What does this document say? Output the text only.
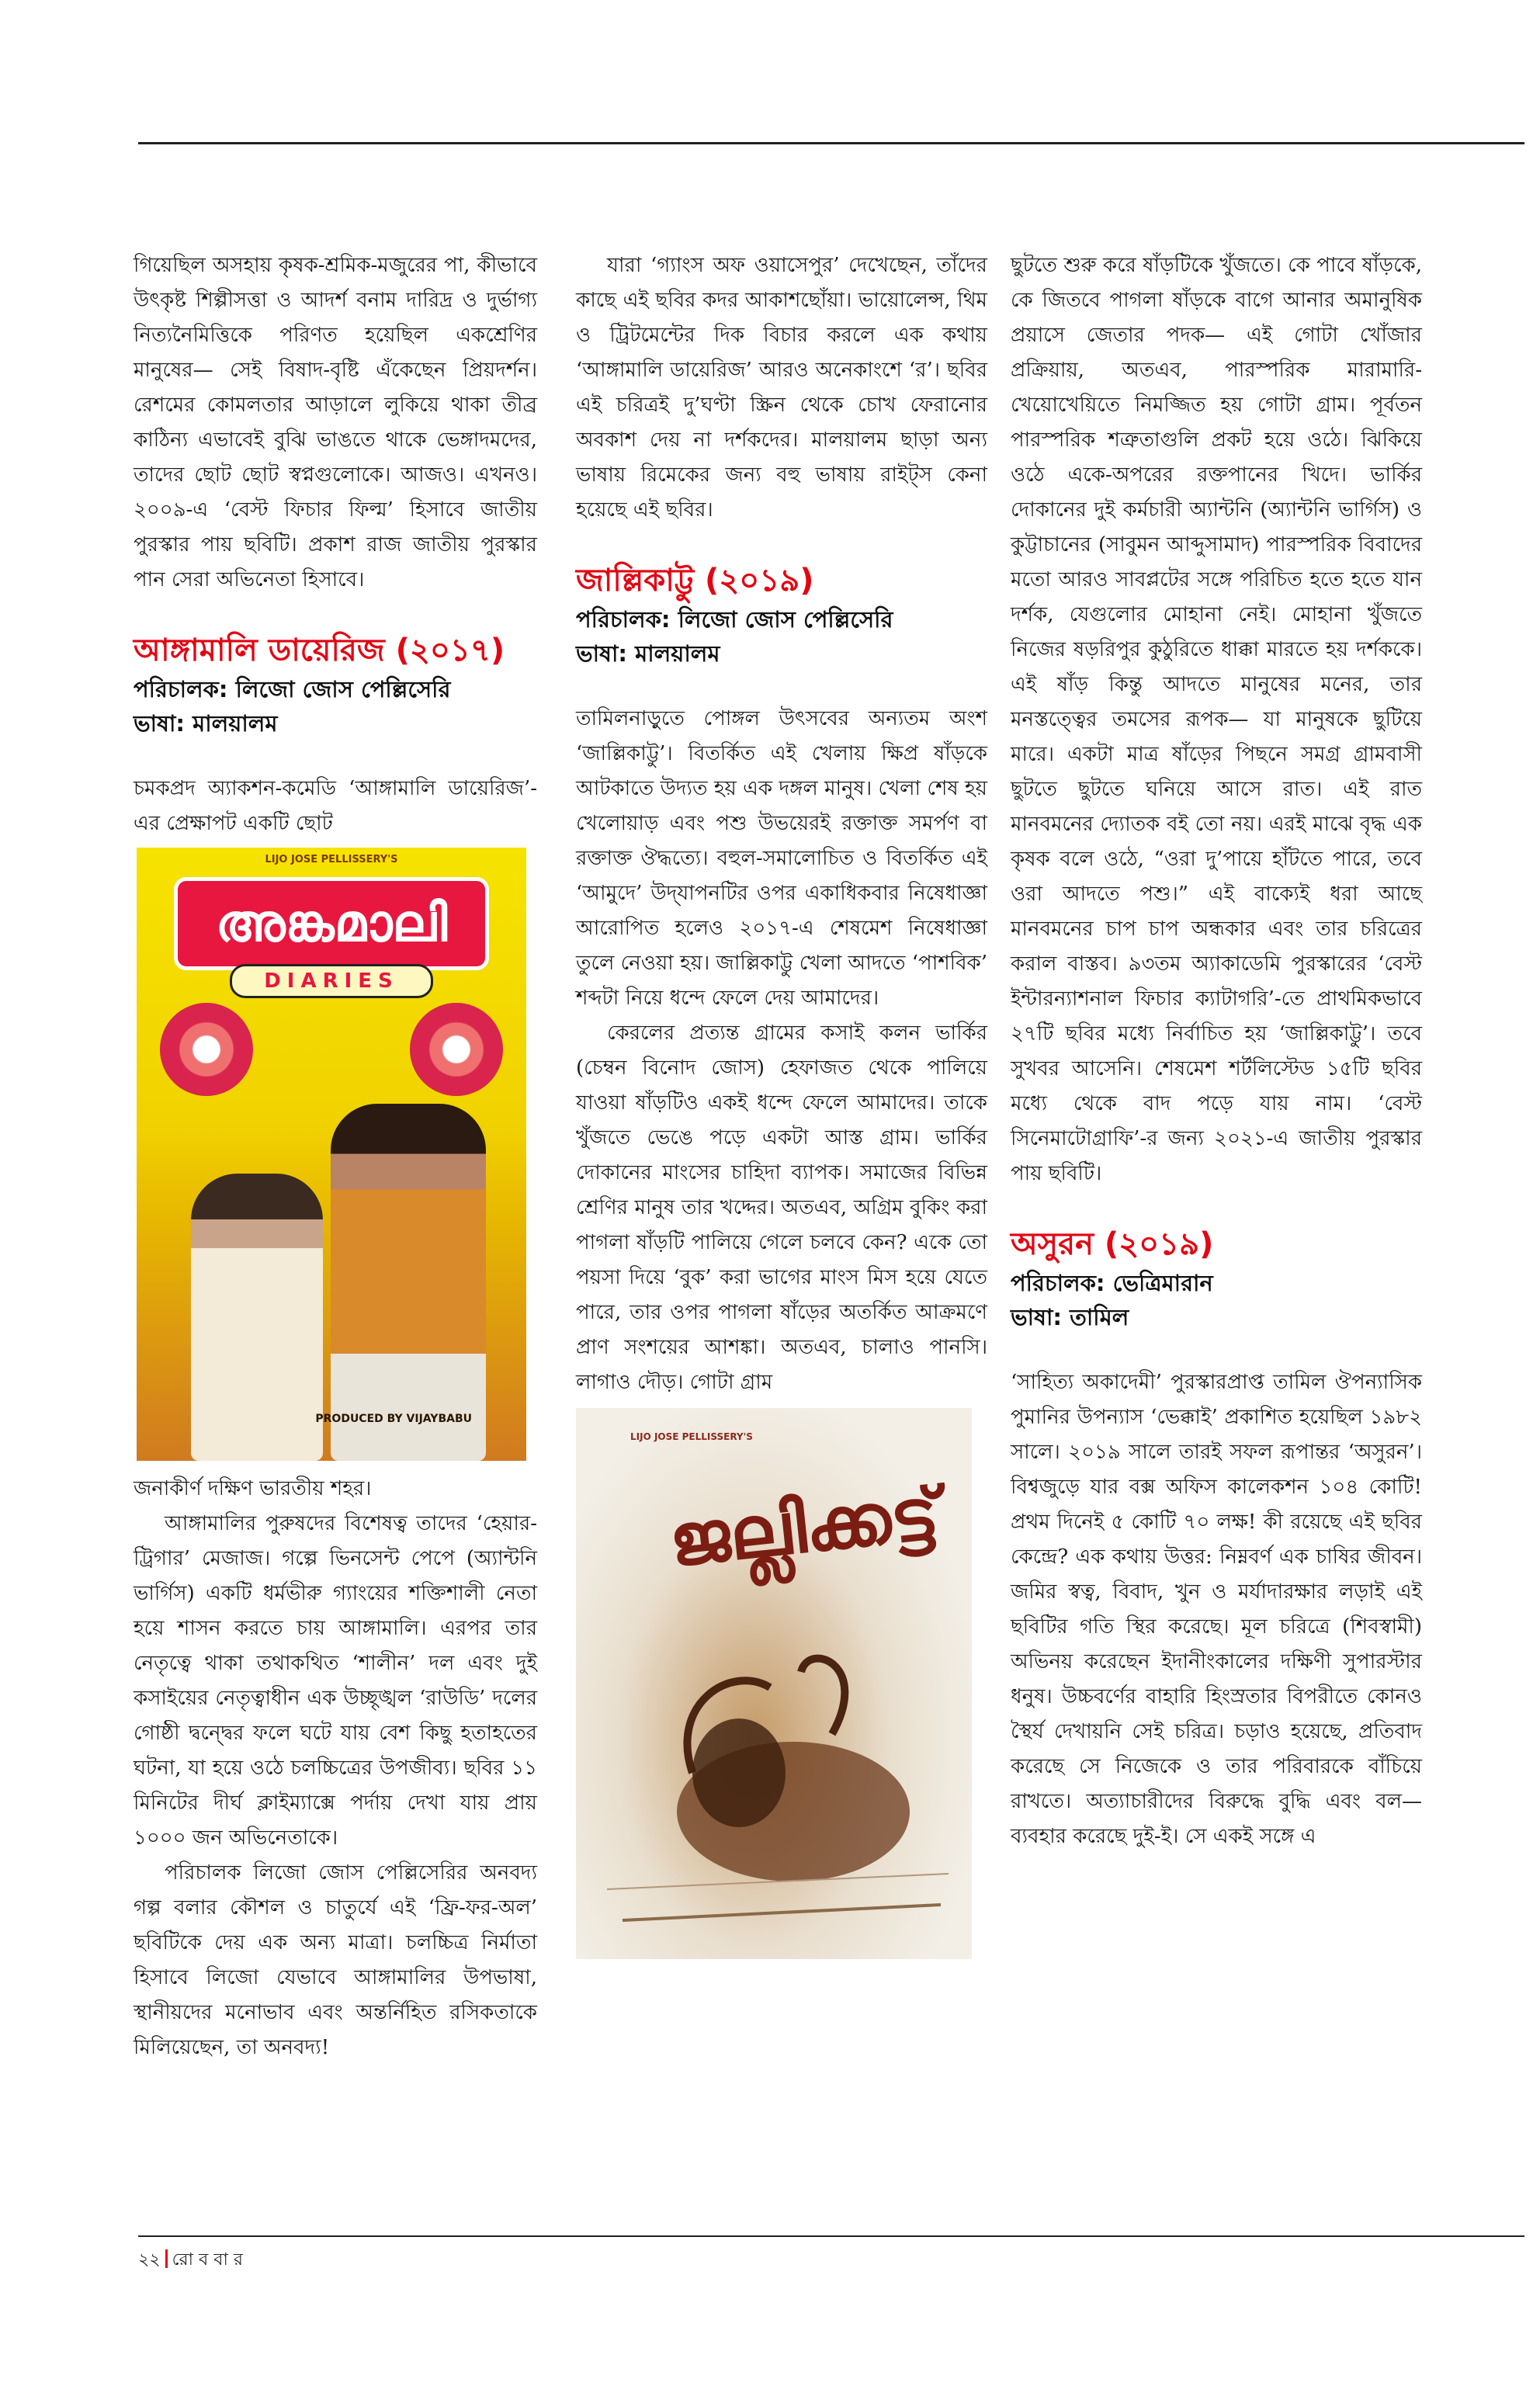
গিয়েছিল অসহায় কৃষক-শ্রমিক-মজুরের পা, কীভাবে উৎকৃষ্ট শিল্পীসত্তা ও আদর্শ বনাম দারিদ্র ও দুর্ভাগ্য নিত্যনৈমিত্তিকে পরিণত হয়েছিল একশ্রেণির মানুষের— সেই বিষাদ-বৃষ্টি এঁকেছেন প্রিয়দর্শন। রেশমের কোমলতার আড়ালে লুকিয়ে থাকা তীব্র কাঠিন্য এভাবেই বুঝি ভাঙতে থাকে ভেঙ্গাদমদের, তাদের ছোট ছোট স্বপ্নগুলোকে। আজও। এখনও। ২০০৯-এ ‘বেস্ট ফিচার ফিল্ম’ হিসাবে জাতীয় পুরস্কার পায় ছবিটি। প্রকাশ রাজ জাতীয় পুরস্কার পান সেরা অভিনেতা হিসাবে।

আঙ্গামালি ডায়েরিজ (২০১৭)
পরিচালক: লিজো জোস পেল্লিসেরি
ভাষা: মালয়ালম

চমকপ্রদ অ্যাকশন-কমেডি ‘আঙ্গামালি ডায়েরিজ’-এর প্রেক্ষাপট একটি ছোট

LIJO JOSE PELLISSERY'S
അങ്കമാലി
DIARIES
PRODUCED BY VIJAYBABU

জনাকীর্ণ দক্ষিণ ভারতীয় শহর।

আঙ্গামালির পুরুষদের বিশেষত্ব তাদের ‘হেয়ার-ট্রিগার’ মেজাজ। গল্পে ভিনসেন্ট পেপে (অ্যান্টনি ভার্গিস) একটি ধর্মভীরু গ্যাংয়ের শক্তিশালী নেতা হয়ে শাসন করতে চায় আঙ্গামালি। এরপর তার নেতৃত্বে থাকা তথাকথিত ‘শালীন’ দল এবং দুই কসাইয়ের নেতৃত্বাধীন এক উচ্ছৃঙ্খল ‘রাউডি’ দলের গোষ্ঠী দ্বন্দ্বের ফলে ঘটে যায় বেশ কিছু হতাহতের ঘটনা, যা হয়ে ওঠে চলচ্চিত্রের উপজীব্য। ছবির ১১ মিনিটের দীর্ঘ ক্লাইম্যাক্সে পর্দায় দেখা যায় প্রায় ১০০০ জন অভিনেতাকে।

পরিচালক লিজো জোস পেল্লিসেরির অনবদ্য গল্প বলার কৌশল ও চাতুর্যে এই ‘ফ্রি-ফর-অল’ ছবিটিকে দেয় এক অন্য মাত্রা। চলচ্চিত্র নির্মাতা হিসাবে লিজো যেভাবে আঙ্গামালির উপভাষা, স্থানীয়দের মনোভাব এবং অন্তর্নিহিত রসিকতাকে মিলিয়েছেন, তা অনবদ্য!

যারা ‘গ্যাংস অফ ওয়াসেপুর’ দেখেছেন, তাঁদের কাছে এই ছবির কদর আকাশছোঁয়া। ভায়োলেন্স, থিম ও ট্রিটমেন্টের দিক বিচার করলে এক কথায় ‘আঙ্গামালি ডায়েরিজ’ আরও অনেকাংশে ‘র’। ছবির এই চরিত্রই দু’ঘণ্টা স্ক্রিন থেকে চোখ ফেরানোর অবকাশ দেয় না দর্শকদের। মালয়ালম ছাড়া অন্য ভাষায় রিমেকের জন্য বহু ভাষায় রাইট্স কেনা হয়েছে এই ছবির।

জাল্লিকাট্টু (২০১৯)
পরিচালক: লিজো জোস পেল্লিসেরি
ভাষা: মালয়ালম

তামিলনাড়ুতে পোঙ্গল উৎসবের অন্যতম অংশ ‘জাল্লিকাট্টু’। বিতর্কিত এই খেলায় ক্ষিপ্র ষাঁড়কে আটকাতে উদ্যত হয় এক দঙ্গল মানুষ। খেলা শেষ হয় খেলোয়াড় এবং পশু উভয়েরই রক্তাক্ত সমর্পণ বা রক্তাক্ত ঔদ্ধত্যে। বহুল-সমালোচিত ও বিতর্কিত এই ‘আমুদে’ উদ্‌যাপনটির ওপর একাধিকবার নিষেধাজ্ঞা আরোপিত হলেও ২০১৭-এ শেষমেশ নিষেধাজ্ঞা তুলে নেওয়া হয়। জাল্লিকাট্টু খেলা আদতে ‘পাশবিক’ শব্দটা নিয়ে ধন্দে ফেলে দেয় আমাদের।

কেরলের প্রত্যন্ত গ্রামের কসাই কলন ভার্কির (চেম্বন বিনোদ জোস) হেফাজত থেকে পালিয়ে যাওয়া ষাঁড়টিও একই ধন্দে ফেলে আমাদের। তাকে খুঁজতে ভেঙে পড়ে একটা আস্ত গ্রাম। ভার্কির দোকানের মাংসের চাহিদা ব্যাপক। সমাজের বিভিন্ন শ্রেণির মানুষ তার খদ্দের। অতএব, অগ্রিম বুকিং করা পাগলা ষাঁড়টি পালিয়ে গেলে চলবে কেন? একে তো পয়সা দিয়ে ‘বুক’ করা ভাগের মাংস মিস হয়ে যেতে পারে, তার ওপর পাগলা ষাঁড়ের অতর্কিত আক্রমণে প্রাণ সংশয়ের আশঙ্কা। অতএব, চালাও পানসি। লাগাও দৌড়। গোটা গ্রাম

LIJO JOSE PELLISSERY'S
ജല്ലിക്കട്ട്

ছুটতে শুরু করে ষাঁড়টিকে খুঁজতে। কে পাবে ষাঁড়কে, কে জিতবে পাগলা ষাঁড়কে বাগে আনার অমানুষিক প্রয়াসে জেতার পদক— এই গোটা খোঁজার প্রক্রিয়ায়, অতএব, পারস্পরিক মারামারি-খেয়োখেয়িতে নিমজ্জিত হয় গোটা গ্রাম। পূর্বতন পারস্পরিক শত্রুতাগুলি প্রকট হয়ে ওঠে। ঝিকিয়ে ওঠে একে-অপরের রক্তপানের খিদে। ভার্কির দোকানের দুই কর্মচারী অ্যান্টনি (অ্যান্টনি ভার্গিস) ও কুট্টাচানের (সাবুমন আব্দুসামাদ) পারস্পরিক বিবাদের মতো আরও সাবপ্লটের সঙ্গে পরিচিত হতে হতে যান দর্শক, যেগুলোর মোহানা নেই। মোহানা খুঁজতে নিজের ষড়রিপুর কুঠুরিতে ধাক্কা মারতে হয় দর্শককে। এই ষাঁড় কিন্তু আদতে মানুষের মনের, তার মনস্তত্ত্বের তমসের রূপক— যা মানুষকে ছুটিয়ে মারে। একটা মাত্র ষাঁড়ের পিছনে সমগ্র গ্রামবাসী ছুটতে ছুটতে ঘনিয়ে আসে রাত। এই রাত মানবমনের দ্যোতক বই তো নয়। এরই মাঝে বৃদ্ধ এক কৃষক বলে ওঠে, “ওরা দু’পায়ে হাঁটতে পারে, তবে ওরা আদতে পশু।” এই বাক্যেই ধরা আছে মানবমনের চাপ চাপ অন্ধকার এবং তার চরিত্রের করাল বাস্তব। ৯৩তম অ্যাকাডেমি পুরস্কারের ‘বেস্ট ইন্টারন্যাশনাল ফিচার ক্যাটাগরি’-তে প্রাথমিকভাবে ২৭টি ছবির মধ্যে নির্বাচিত হয় ‘জাল্লিকাট্টু’। তবে সুখবর আসেনি। শেষমেশ শর্টলিস্টেড ১৫টি ছবির মধ্যে থেকে বাদ পড়ে যায় নাম। ‘বেস্ট সিনেমাটোগ্রাফি’-র জন্য ২০২১-এ জাতীয় পুরস্কার পায় ছবিটি।

অসুরন (২০১৯)
পরিচালক: ভেত্রিমারান
ভাষা: তামিল

‘সাহিত্য অকাদেমী’ পুরস্কারপ্রাপ্ত তামিল ঔপন্যাসিক পুমানির উপন্যাস ‘ভেক্কাই’ প্রকাশিত হয়েছিল ১৯৮২ সালে। ২০১৯ সালে তারই সফল রূপান্তর ‘অসুরন’। বিশ্বজুড়ে যার বক্স অফিস কালেকশন ১০৪ কোটি! প্রথম দিনেই ৫ কোটি ৭০ লক্ষ! কী রয়েছে এই ছবির কেন্দ্রে? এক কথায় উত্তর: নিম্নবর্ণ এক চাষির জীবন। জমির স্বত্ব, বিবাদ, খুন ও মর্যাদারক্ষার লড়াই এই ছবিটির গতি স্থির করেছে। মূল চরিত্রে (শিবস্বামী) অভিনয় করেছেন ইদানীংকালের দক্ষিণী সুপারস্টার ধনুষ। উচ্চবর্ণের বাহারি হিংস্রতার বিপরীতে কোনও স্থৈর্য দেখায়নি সেই চরিত্র। চড়াও হয়েছে, প্রতিবাদ করেছে সে নিজেকে ও তার পরিবারকে বাঁচিয়ে রাখতে। অত্যাচারীদের বিরুদ্ধে বুদ্ধি এবং বল— ব্যবহার করেছে দুই-ই। সে একই সঙ্গে এ

২২ রো ব বা র
